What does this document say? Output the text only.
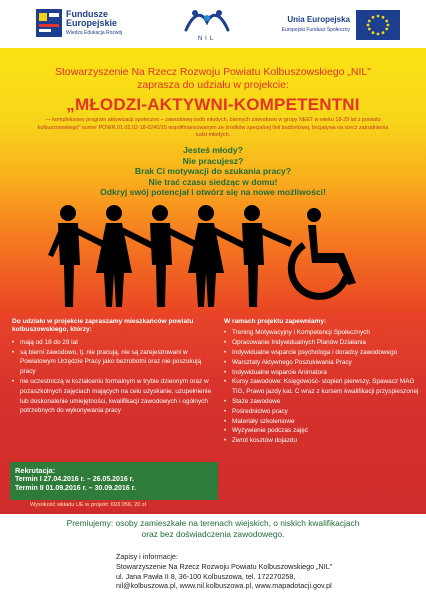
Fundusze Europejskie
Wiedza Edukacja Rozwój
NIL
Unia Europejska
Europejski Fundusz Społeczny
Stowarzyszenie Na Rzecz Rozwoju Powiatu Kolbuszowskiego „NIL"
zaprasza do udziału w projekcie:
„MŁODZI-AKTYWNI-KOMPETENTNI
— kompleksowy program aktywizacji społeczno – zawodowej osób młodych, biernych zawodowo w grupy NEET w wieku 18-29 lat z powiatu kolbuszowskiego" numer POWR.01.02.02-18-0240/15 współfinansowanym ze środków specjalnej linii budżetowej, Inicjatywa na rzecz zatrudnienia ludzi młodych.
Jesteś młody?
Nie pracujesz?
Brak Ci motywacji do szukania pracy?
Nie trać czasu siedząc w domu!
Odkryj swój potencjał i otwórz się na nowe możliwości!
Do udziału w projekcie zapraszamy mieszkańców powiatu kolbuszowskiego, którzy:
• mają od 18 do 29 lat
• są bierni zawodowo, tj. nie pracują, nie są zarejestrowani w Powiatowym Urzędzie Pracy jako bezrobotni oraz nie poszukują pracy
• nie uczestniczą w kształceniu formalnym w trybie dziennym oraz w pozaszkolnych zajęciach mających na celu uzyskanie, uzupełnienie lub doskonalenie umiejętności, kwalifikacji zawodowych i ogólnych potrzebnych do wykonywania pracy
W ramach projektu zapewniamy:
• Trening Motywacyjny i Kompetencji Społecznych
• Opracowanie Indywidualnych Planów Działania
• Indywidualne wsparcie psychologa i doradcy zawodowego
• Warsztaty Aktywnego Poszukiwania Pracy
• Indywidualne wsparcie Animatora
• Kursy zawodowe: Księgowość- stopień pierwszy, Spawacz MAG TIG, Prawo jazdy kat. C wraz z kursem kwalifikacji przyspieszonej
• Staże zawodowe
• Pośrednictwo pracy
• Materiały szkoleniowe
• Wyżywienie podczas zajęć
• Zwrot kosztów dojazdu
Rekrutacja:
Termin I 27.04.2016 r. – 26.05.2016 r.
Termin II 01.09.2016 r. – 30.09.2016 r.
Wysokość wkładu UE w projekt: 693 056, 20 zł
Premiujemy: osoby zamieszkałe na terenach wiejskich, o niskich kwalifikacjach
oraz bez doświadczenia zawodowego.
Zapisy i informacje:
Stowarzyszenie Na Rzecz Rozwoju Powiatu Kolbuszowskiego „NIL"
ul. Jana Pawła II 8, 36-100 Kolbuszowa, tel. 172270258,
nil@kolbuszowa.pl, www.nil.kolbuszowa.pl, www.mapadotacji.gov.pl
